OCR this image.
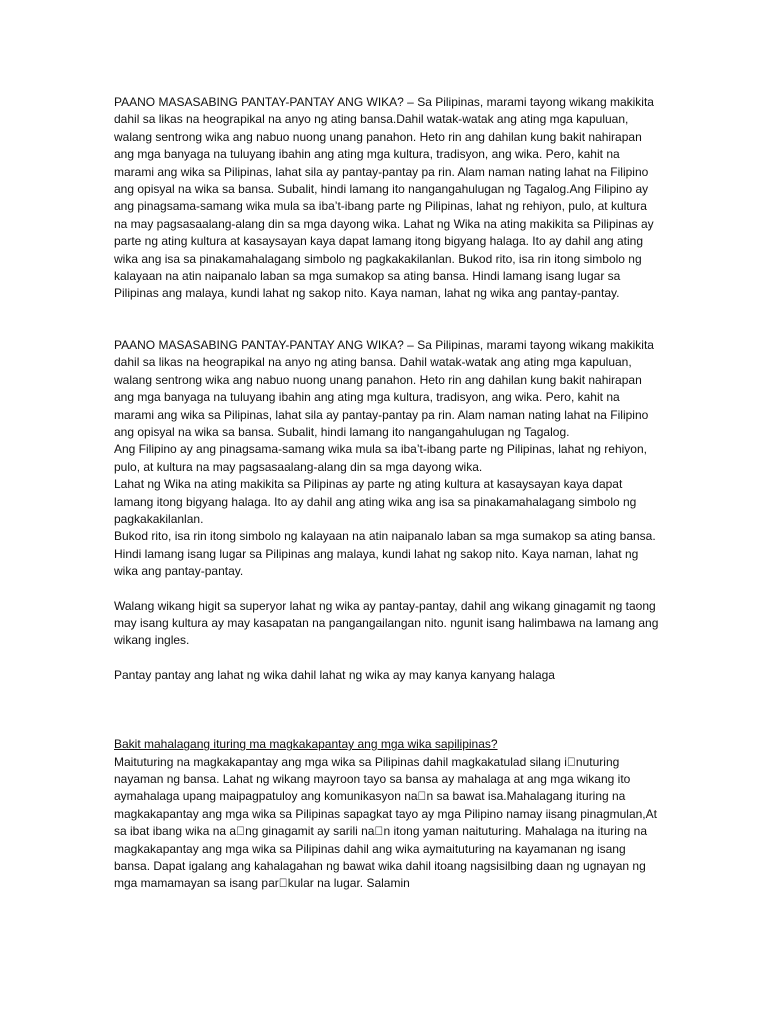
PAANO MASASABING PANTAY-PANTAY ANG WIKA? – Sa Pilipinas, marami tayong wikang makikita dahil sa likas na heograpikal na anyo ng ating bansa.Dahil watak-watak ang ating mga kapuluan, walang sentrong wika ang nabuo nuong unang panahon. Heto rin ang dahilan kung bakit nahirapan ang mga banyaga na tuluyang ibahin ang ating mga kultura, tradisyon, ang wika. Pero, kahit na marami ang wika sa Pilipinas, lahat sila ay pantay-pantay pa rin. Alam naman nating lahat na Filipino ang opisyal na wika sa bansa. Subalit, hindi lamang ito nangangahulugan ng Tagalog.Ang Filipino ay ang pinagsama-samang wika mula sa iba’t-ibang parte ng Pilipinas, lahat ng rehiyon, pulo, at kultura na may pagsasaalang-alang din sa mga dayong wika. Lahat ng Wika na ating makikita sa Pilipinas ay parte ng ating kultura at kasaysayan kaya dapat lamang itong bigyang halaga. Ito ay dahil ang ating wika ang isa sa pinakamahalagang simbolo ng pagkakakilanlan. Bukod rito, isa rin itong simbolo ng kalayaan na atin naipanalo laban sa mga sumakop sa ating bansa. Hindi lamang isang lugar sa Pilipinas ang malaya, kundi lahat ng sakop nito. Kaya naman, lahat ng wika ang pantay-pantay.

PAANO MASASABING PANTAY-PANTAY ANG WIKA? – Sa Pilipinas, marami tayong wikang makikita dahil sa likas na heograpikal na anyo ng ating bansa. Dahil watak-watak ang ating mga kapuluan, walang sentrong wika ang nabuo nuong unang panahon. Heto rin ang dahilan kung bakit nahirapan ang mga banyaga na tuluyang ibahin ang ating mga kultura, tradisyon, ang wika. Pero, kahit na marami ang wika sa Pilipinas, lahat sila ay pantay-pantay pa rin. Alam naman nating lahat na Filipino ang opisyal na wika sa bansa. Subalit, hindi lamang ito nangangahulugan ng Tagalog.

Ang Filipino ay ang pinagsama-samang wika mula sa iba’t-ibang parte ng Pilipinas, lahat ng rehiyon, pulo, at kultura na may pagsasaalang-alang din sa mga dayong wika.

Lahat ng Wika na ating makikita sa Pilipinas ay parte ng ating kultura at kasaysayan kaya dapat lamang itong bigyang halaga. Ito ay dahil ang ating wika ang isa sa pinakamahalagang simbolo ng pagkakakilanlan.

Bukod rito, isa rin itong simbolo ng kalayaan na atin naipanalo laban sa mga sumakop sa ating bansa. Hindi lamang isang lugar sa Pilipinas ang malaya, kundi lahat ng sakop nito. Kaya naman, lahat ng wika ang pantay-pantay.

Walang wikang higit sa superyor lahat ng wika ay pantay-pantay, dahil ang wikang ginagamit ng taong may isang kultura ay may kasapatan na pangangailangan nito. ngunit isang halimbawa na lamang ang wikang ingles.

Pantay pantay ang lahat ng wika dahil lahat ng wika ay may kanya kanyang halaga

Bakit mahalagang ituring ma magkakapantay ang mga wika sapilipinas?

Maituturing na magkakapantay ang mga wika sa Pilipinas dahil magkakatulad silang i􏰀nuturing nayaman ng bansa. Lahat ng wikang mayroon tayo sa bansa ay mahalaga at ang mga wikang ito aymahalaga upang maipagpatuloy ang komunikasyon na􏰀n sa bawat isa.Mahalagang ituring na magkakapantay ang mga wika sa Pilipinas sapagkat tayo ay mga Pilipino namay iisang pinagmulan,At sa ibat ibang wika na a􏰀ng ginagamit ay sarili na􏰀n itong yaman naituturing. Mahalaga na ituring na magkakapantay ang mga wika sa Pilipinas dahil ang wika aymaituturing na kayamanan ng isang bansa. Dapat igalang ang kahalagahan ng bawat wika dahil itoang nagsisilbing daan ng ugnayan ng mga mamamayan sa isang par􏰀kular na lugar. Salamin
